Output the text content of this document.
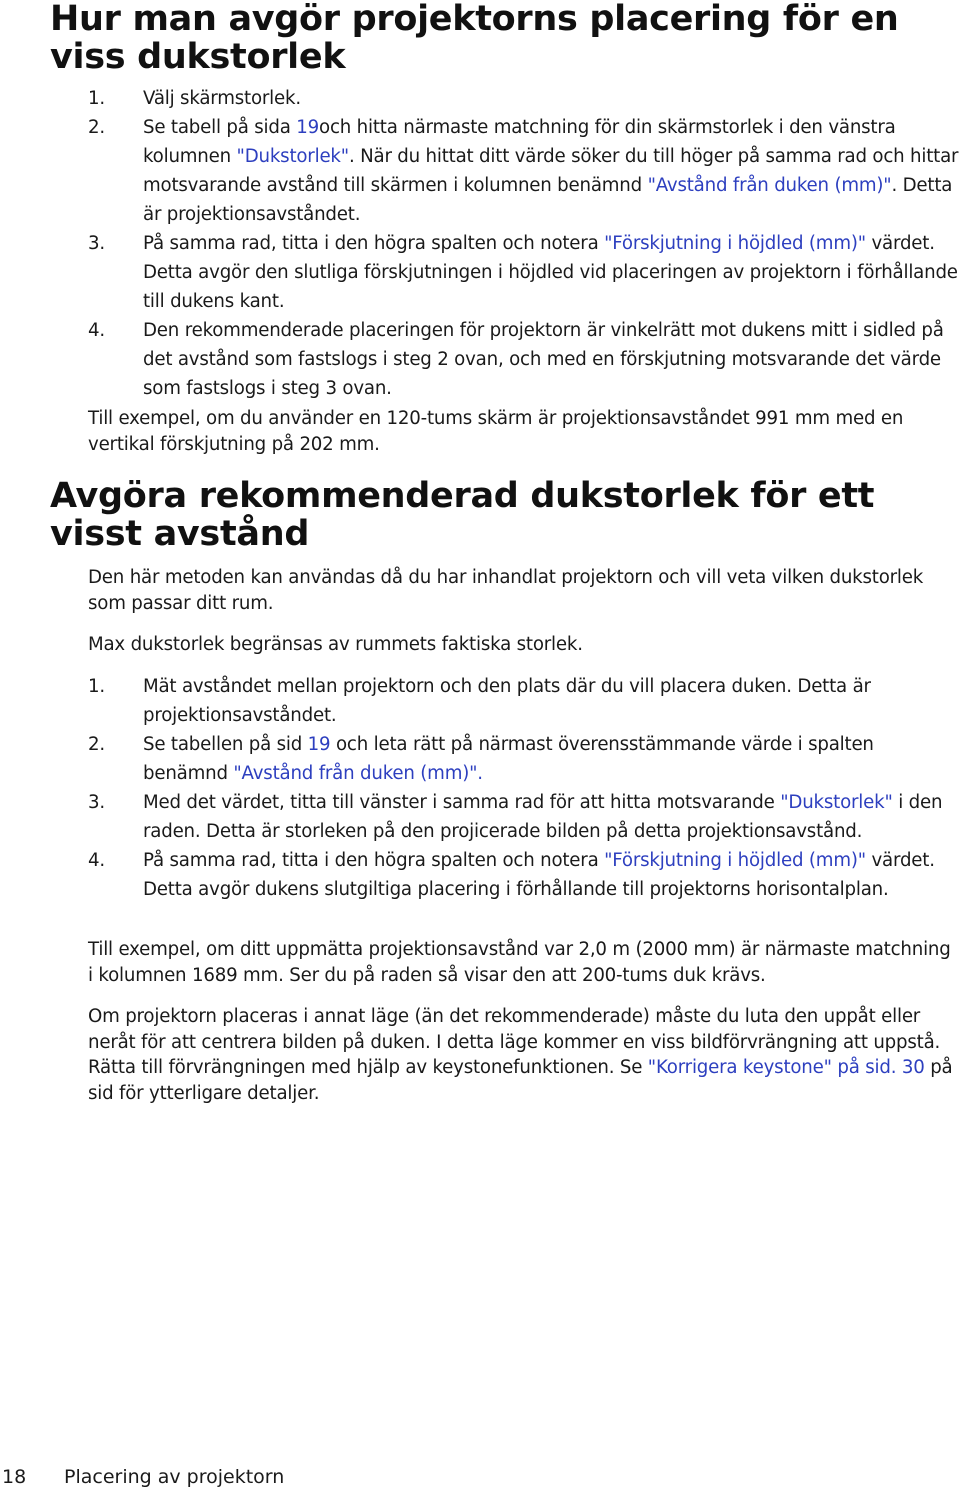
Hur man avgör projektorns placering för en viss dukstorlek
1. Välj skärmstorlek.
2. Se tabell på sida 19och hitta närmaste matchning för din skärmstorlek i den vänstra kolumnen "Dukstorlek". När du hittat ditt värde söker du till höger på samma rad och hittar motsvarande avstånd till skärmen i kolumnen benämnd "Avstånd från duken (mm)". Detta är projektionsavståndet.
3. På samma rad, titta i den högra spalten och notera "Förskjutning i höjdled (mm)" värdet. Detta avgör den slutliga förskjutningen i höjdled vid placeringen av projektorn i förhållande till dukens kant.
4. Den rekommenderade placeringen för projektorn är vinkelrätt mot dukens mitt i sidled på det avstånd som fastslogs i steg 2 ovan, och med en förskjutning motsvarande det värde som fastslogs i steg 3 ovan.

Till exempel, om du använder en 120-tums skärm är projektionsavståndet 991 mm med en vertikal förskjutning på 202 mm.

Avgöra rekommenderad dukstorlek för ett visst avstånd

Den här metoden kan användas då du har inhandlat projektorn och vill veta vilken dukstorlek som passar ditt rum.

Max dukstorlek begränsas av rummets faktiska storlek.

1. Mät avståndet mellan projektorn och den plats där du vill placera duken. Detta är projektionsavståndet.
2. Se tabellen på sid 19 och leta rätt på närmast överensstämmande värde i spalten benämnd "Avstånd från duken (mm)".
3. Med det värdet, titta till vänster i samma rad för att hitta motsvarande "Dukstorlek" i den raden. Detta är storleken på den projicerade bilden på detta projektionsavstånd.
4. På samma rad, titta i den högra spalten och notera "Förskjutning i höjdled (mm)" värdet. Detta avgör dukens slutgiltiga placering i förhållande till projektorns horisontalplan.

Till exempel, om ditt uppmätta projektionsavstånd var 2,0 m (2000 mm) är närmaste matchning i kolumnen 1689 mm. Ser du på raden så visar den att 200-tums duk krävs.

Om projektorn placeras i annat läge (än det rekommenderade) måste du luta den uppåt eller neråt för att centrera bilden på duken. I detta läge kommer en viss bildförvrängning att uppstå. Rätta till förvrängningen med hjälp av keystonefunktionen. Se "Korrigera keystone" på sid. 30 på sid för ytterligare detaljer.

18 Placering av projektorn
